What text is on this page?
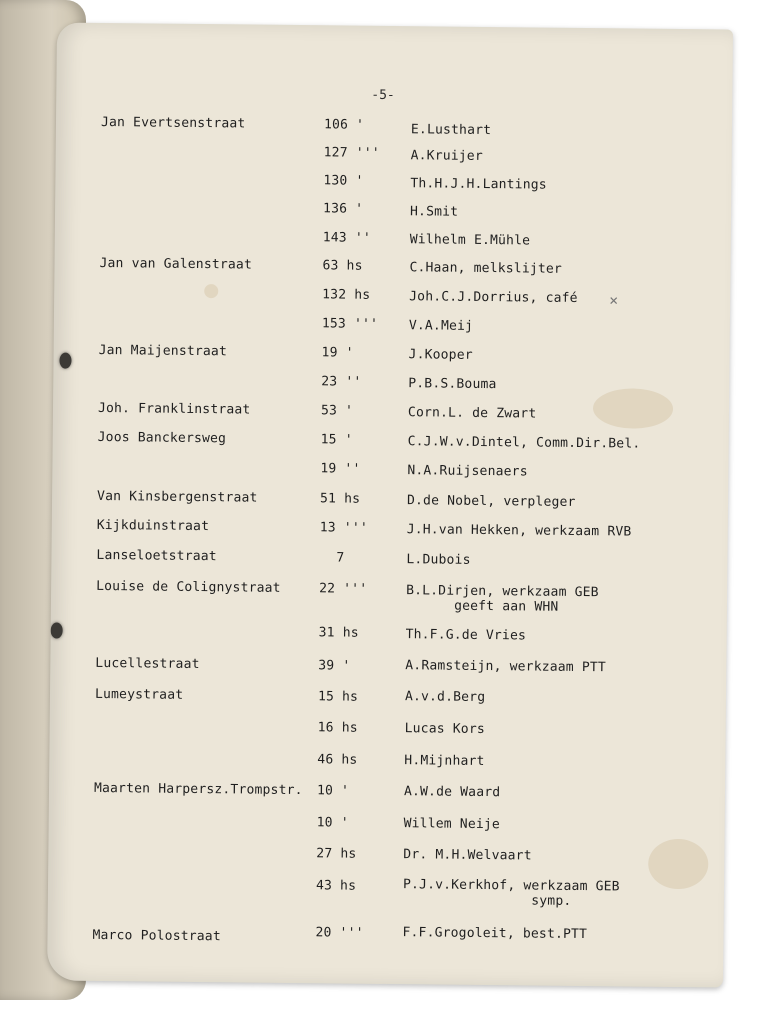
-5-
Jan Evertsenstraat	106 '	E.Lusthart
127 ''' A.Kruijer
130 '	Th.H.J.H.Lantings
136 '	H.Smit
143 ''	Wilhelm E.Mühle
Jan van Galenstraat	63 hs	C.Haan, melkslijter
132 hs	Joh.C.J.Dorrius, café ×
153 ''' V.A.Meij
Jan Maijenstraat	19 '	J.Kooper
23 ''	P.B.S.Bouma
Joh. Franklinstraat	53 '	Corn.L. de Zwart
Joos Banckersweg	15 '	C.J.W.v.Dintel, Comm.Dir.Bel.
19 ''	N.A.Ruijsenaers
Van Kinsbergenstraat	51 hs	D.de Nobel, verpleger
Kijkduinstraat	13 '''	J.H.van Hekken, werkzaam RVB
Lanseloetstraat	7	L.Dubois
Louise de Colignystraat	22 '''	B.L.Dirjen, werkzaam GEB
geeft aan WHN
31 hs	Th.F.G.de Vries
Lucellestraat	39 '	A.Ramsteijn, werkzaam PTT
Lumeystraat	15 hs	A.v.d.Berg
16 hs	Lucas Kors
46 hs	H.Mijnhart
Maarten Harpersz.Trompstr. 10 '	A.W.de Waard
10 '	Willem Neije
27 hs	Dr. M.H.Welvaart
43 hs	P.J.v.Kerkhof, werkzaam GEB
symp.
Marco Polostraat	20 '''	F.F.Grogoleit, best.PTT
